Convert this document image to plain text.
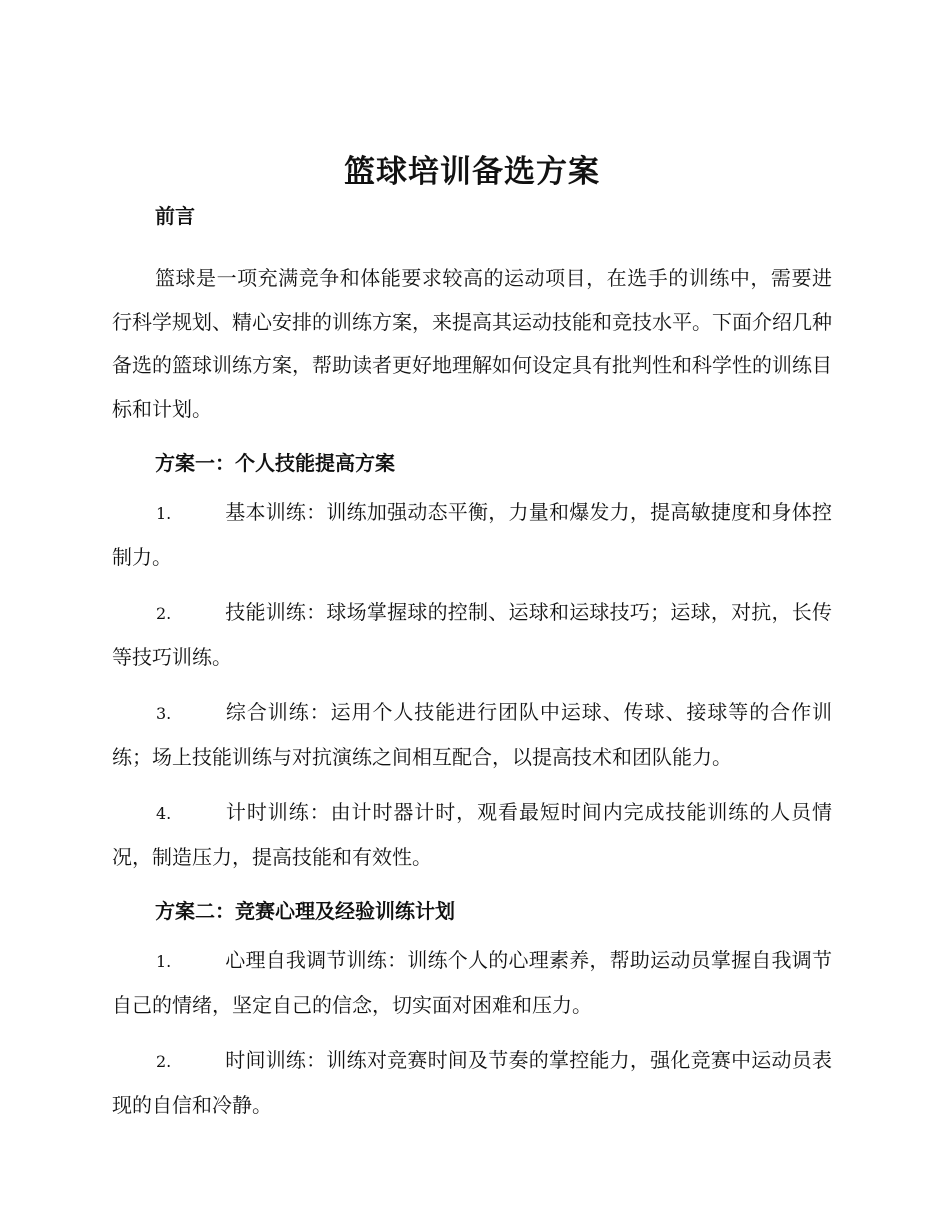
篮球培训备选方案
前言

篮球是一项充满竞争和体能要求较高的运动项目，在选手的训练中，需要进行科学规划、精心安排的训练方案，来提高其运动技能和竞技水平。下面介绍几种备选的篮球训练方案，帮助读者更好地理解如何设定具有批判性和科学性的训练目标和计划。

方案一：个人技能提高方案

1.	基本训练：训练加强动态平衡，力量和爆发力，提高敏捷度和身体控制力。

2.	技能训练：球场掌握球的控制、运球和运球技巧；运球，对抗，长传等技巧训练。

3.	综合训练：运用个人技能进行团队中运球、传球、接球等的合作训练；场上技能训练与对抗演练之间相互配合，以提高技术和团队能力。

4.	计时训练：由计时器计时，观看最短时间内完成技能训练的人员情况，制造压力，提高技能和有效性。

方案二：竞赛心理及经验训练计划

1.	心理自我调节训练：训练个人的心理素养，帮助运动员掌握自我调节自己的情绪，坚定自己的信念，切实面对困难和压力。

2.	时间训练：训练对竞赛时间及节奏的掌控能力，强化竞赛中运动员表现的自信和冷静。
